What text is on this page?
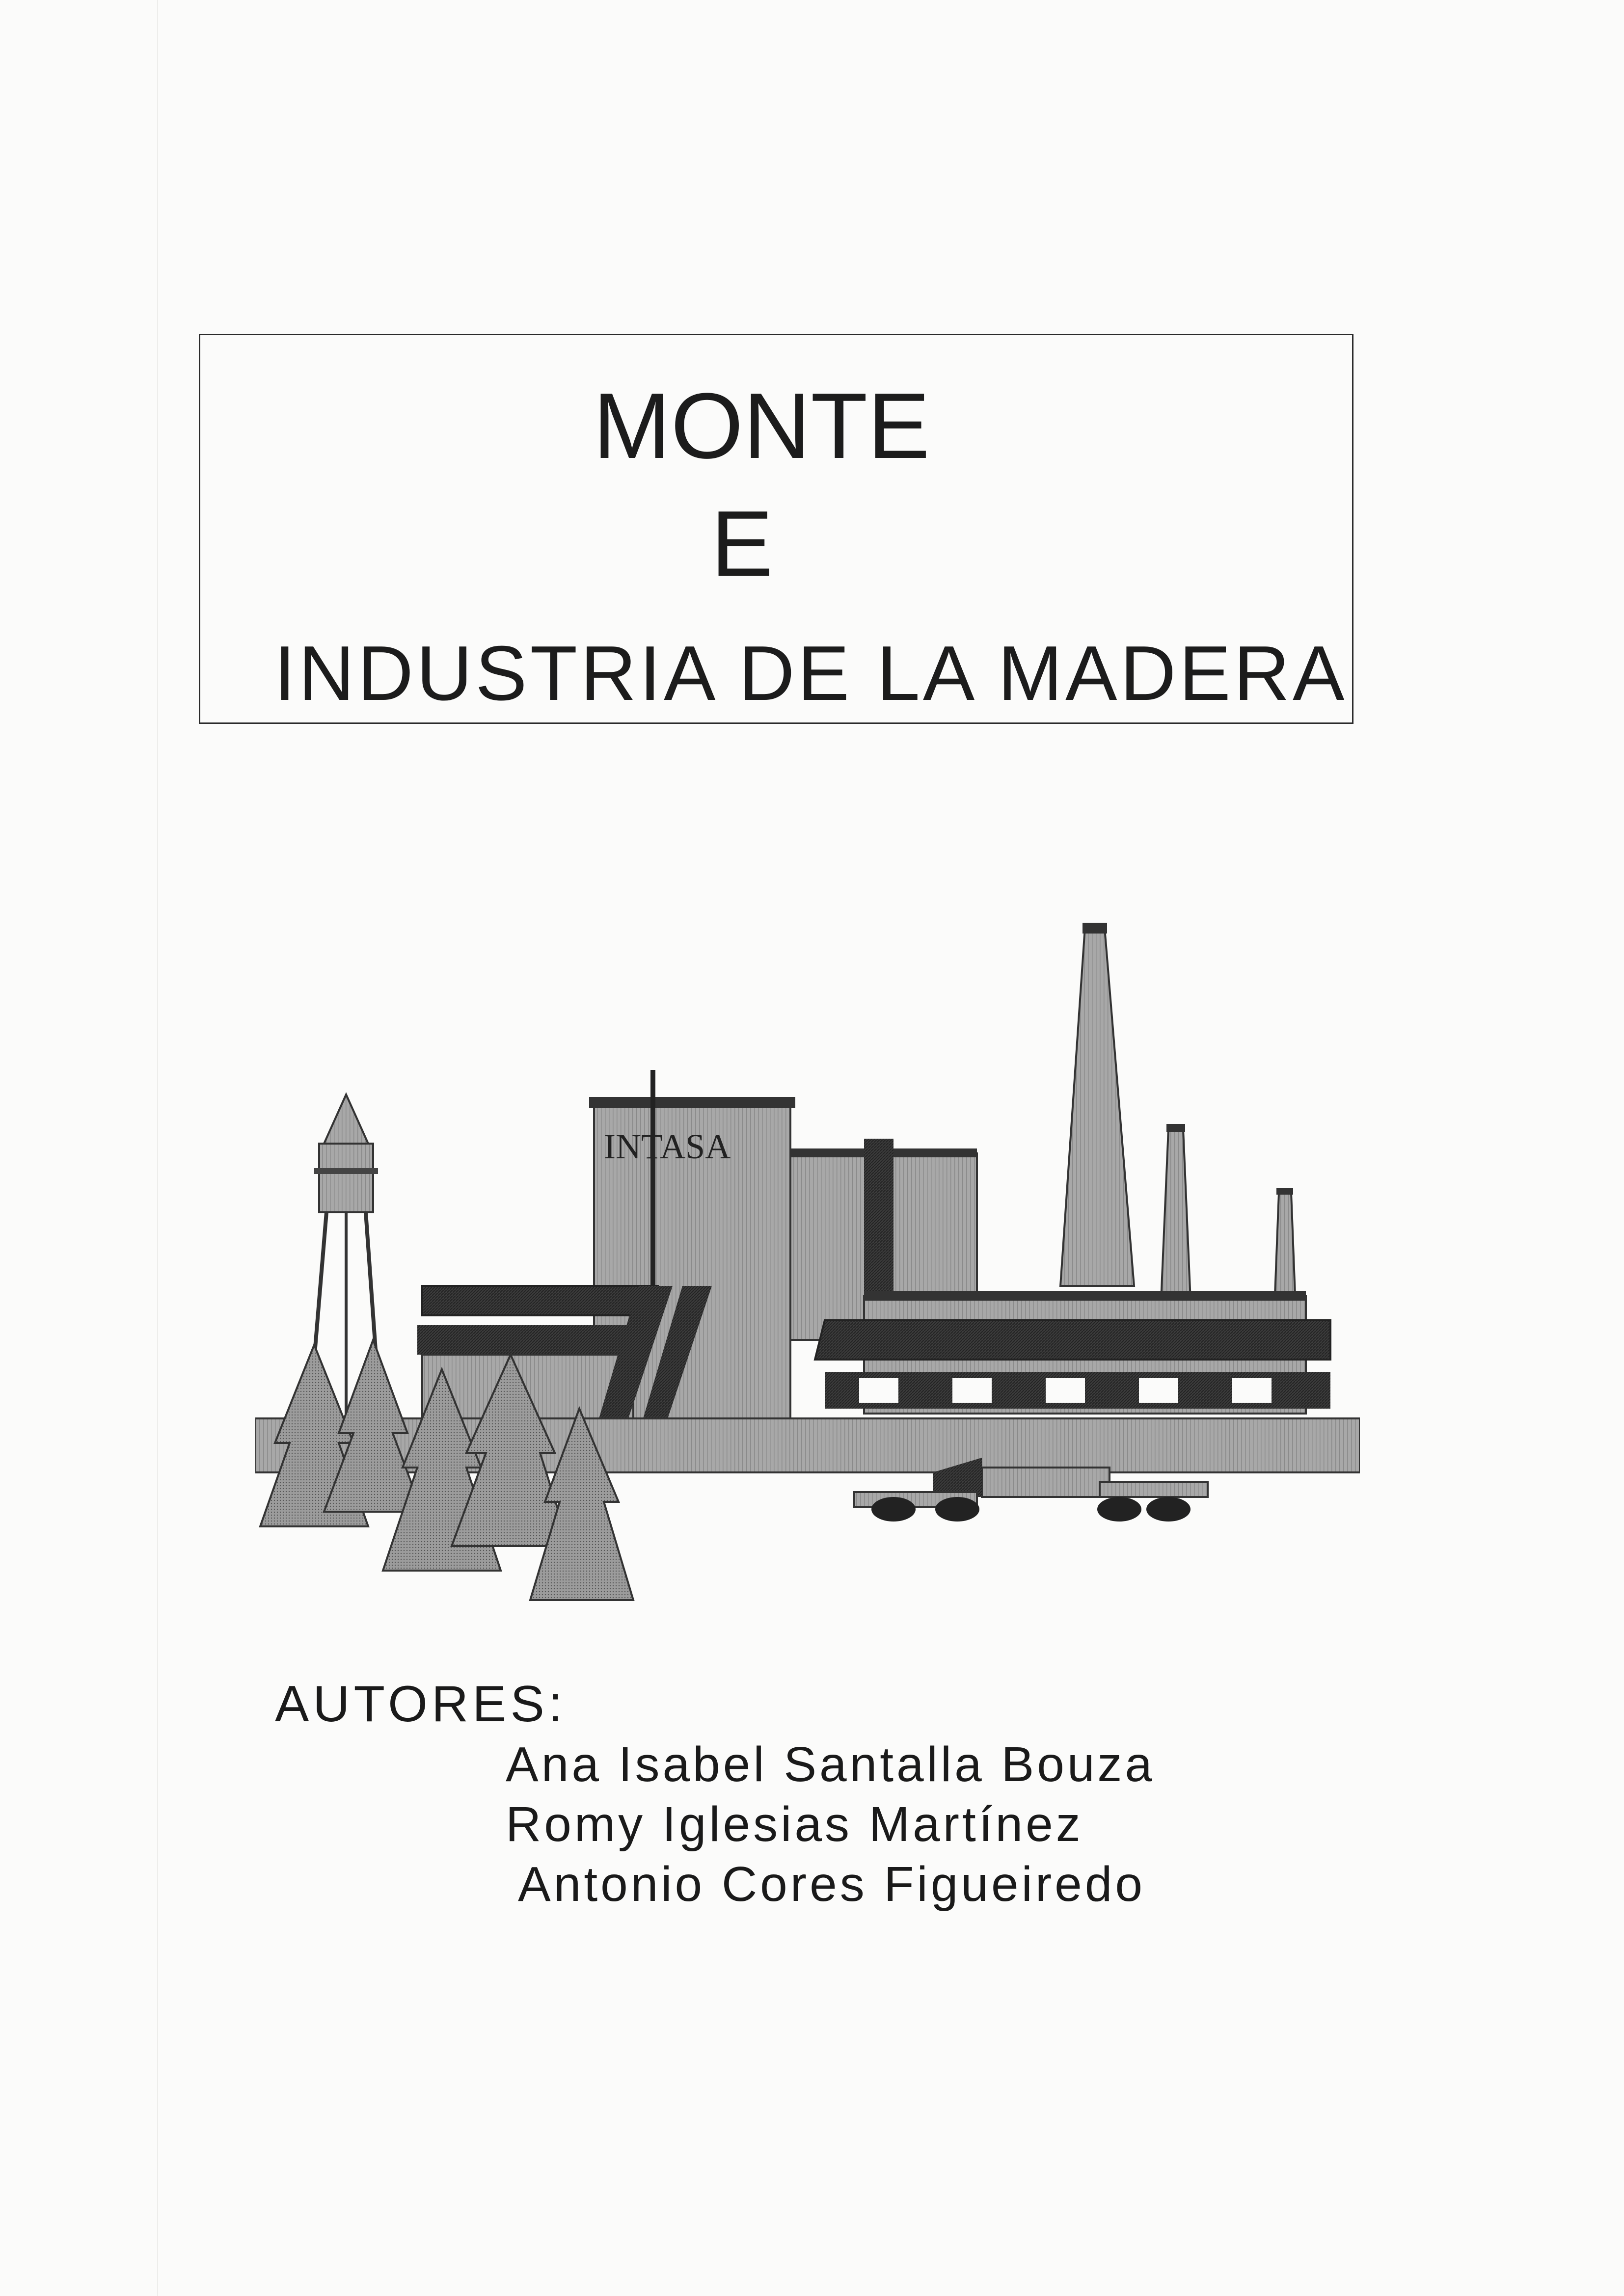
MONTE
E
INDUSTRIA DE LA MADERA
INTASA
AUTORES:
Ana Isabel Santalla Bouza
Romy Iglesias Martínez
Antonio Cores Figueiredo
